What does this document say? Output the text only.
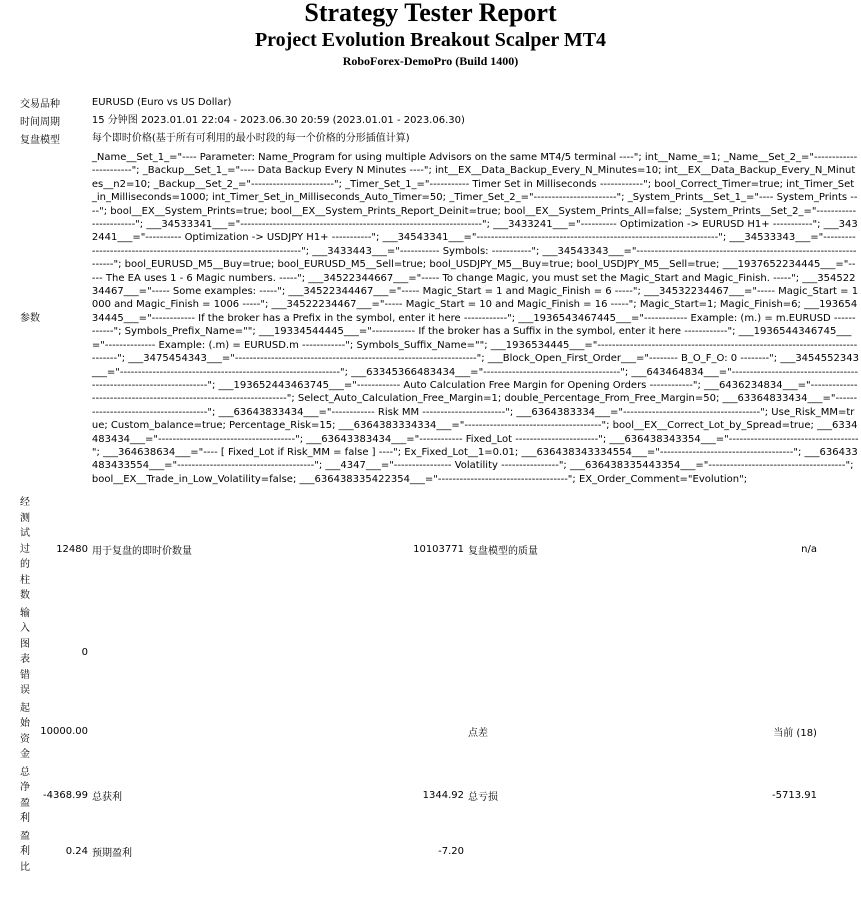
Strategy Tester Report
Project Evolution Breakout Scalper MT4
RoboForex-DemoPro (Build 1400)
交易品种	EURUSD (Euro vs US Dollar)
时间周期	15 分钟图 2023.01.01 22:04 - 2023.06.30 20:59 (2023.01.01 - 2023.06.30)
复盘模型	每个即时价格(基于所有可利用的最小时段的每一个价格的分形插值计算)
参数	_Name__Set_1_="---- Parameter: Name_Program for using multiple Advisors on the same MT4/5 terminal ----"; int__Name_=1; _Name__Set_2_="-----------------------"; _Backup__Set_1_="---- Data Backup Every N Minutes ----"; int__EX__Data_Backup_Every_N_Minutes=10; int__EX__Data_Backup_Every_N_Minutes__n2=10; _Backup__Set_2_="-----------------------"; _Timer_Set_1_="----------- Timer Set in Milliseconds ------------"; bool_Correct_Timer=true; int_Timer_Set_in_Milliseconds=1000; int_Timer_Set_in_Milliseconds_Auto_Timer=50; _Timer_Set_2_="-----------------------"; _System_Prints__Set_1_="---- System_Prints ----"; bool__EX__System_Prints=true; bool__EX__System_Prints_Report_Deinit=true; bool__EX__System_Prints_All=false; _System_Prints__Set_2_="-----------------------"; ___34533341___="-------------------------------------------------------------------"; ___3433241___="---------- Optimization -> EURUSD H1+ -----------"; ___3432441___="---------- Optimization -> USDJPY H1+ -----------"; ___34543341___="-------------------------------------------------------------------"; ___34533343___="-------------------------------------------------------------------"; ___3433443___="----------- Symbols: -----------"; ___34543343___="-------------------------------------------------------------------"; bool_EURUSD_M5__Buy=true; bool_EURUSD_M5__Sell=true; bool_USDJPY_M5__Buy=true; bool_USDJPY_M5__Sell=true; ___1937652234445___="----- The EA uses 1 - 6 Magic numbers. -----"; ___34522344667___="----- To change Magic, you must set the Magic_Start and Magic_Finish. -----"; ___35452234467___="----- Some examples: -----"; ___34522344467___="----- Magic_Start = 1 and Magic_Finish = 6 -----"; ___34532234467___="----- Magic_Start = 1000 and Magic_Finish = 1006 -----"; ___34522234467___="----- Magic_Start = 10 and Magic_Finish = 16 -----"; Magic_Start=1; Magic_Finish=6; ___19365434445___="------------ If the broker has a Prefix in the symbol, enter it here ------------"; ___1936543467445___="------------ Example: (m.) = m.EURUSD ------------"; Symbols_Prefix_Name=""; ___19334544445___="------------ If the broker has a Suffix in the symbol, enter it here ------------"; ___1936544346745___="-------------- Example: (.m) = EURUSD.m ------------"; Symbols_Suffix_Name=""; ___1936534445___="-------------------------------------------------------------------------------"; ___3475454343___="-------------------------------------------------------------------"; ___Block_Open_First_Order___="-------- B_O_F_O: 0 --------"; ___3454552343___="-------------------------------------------------------------"; ___63345366483434___="--------------------------------------"; ___643464834___="-------------------------------------------------------------------"; ___193652443463745___="------------ Auto Calculation Free Margin for Opening Orders ------------"; ___6436234834___="-------------------------------------------------------------------"; Select_Auto_Calculation_Free_Margin=1; double_Percentage_From_Free_Margin=50; ___63364833434___="--------------------------------------"; ___63643833434___="------------ Risk MM -----------------------"; ___6364383334___="--------------------------------------"; Use_Risk_MM=true; Custom_balance=true; Percentage_Risk=15; ___6364383334334___="--------------------------------------"; bool__EX__Correct_Lot_by_Spread=true; ___6334483434___="--------------------------------------"; ___63643383434___="------------ Fixed_Lot -----------------------"; ___636438343354___="------------------------------------"; ___364638634___="---- [ Fixed_Lot if Risk_MM = false ] ----"; Ex_Fixed_Lot__1=0.01; ___636438343334554___="-------------------------------------"; ___636433483433554___="--------------------------------------"; ___4347___="---------------- Volatility ----------------"; ___636438335443354___="--------------------------------------"; bool__EX__Trade_in_Low_Volatility=false; ___636438335422354___="------------------------------------"; EX_Order_Comment="Evolution";
经测试过的柱数	12480	用于复盘的即时价数量	10103771	复盘模型的质量	n/a
输入图表错误	0				
起始资金	10000.00			点差	当前 (18)
总净盈利	-4368.99	总获利	1344.92	总亏损	-5713.91
盈利比	0.24	预期盈利	-7.20		
